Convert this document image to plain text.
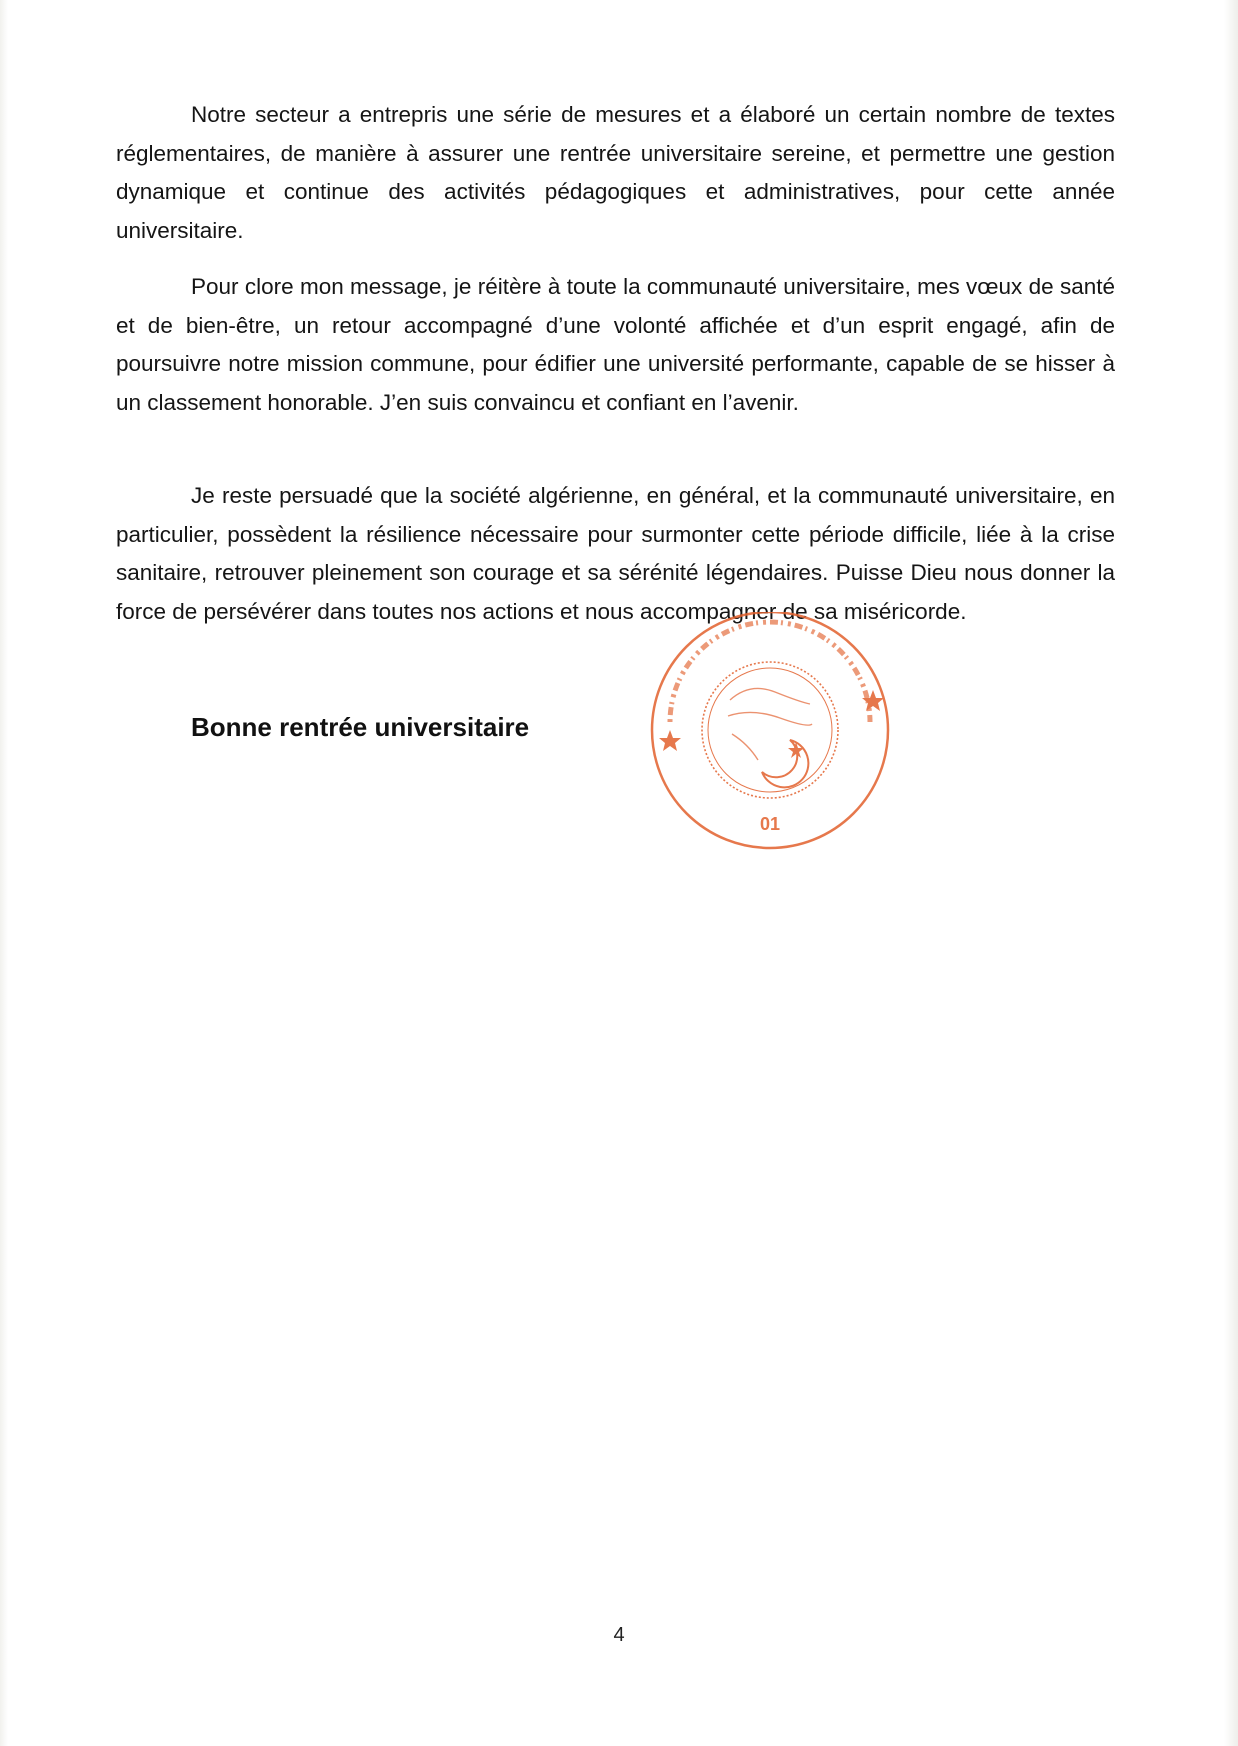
Notre secteur a entrepris une série de mesures et a élaboré un certain nombre de textes réglementaires, de manière à assurer une rentrée universitaire sereine, et permettre une gestion dynamique et continue des activités pédagogiques et administratives, pour cette année universitaire.

Pour clore mon message, je réitère à toute la communauté universitaire, mes vœux de santé et de bien-être, un retour accompagné d’une volonté affichée et d’un esprit engagé, afin de poursuivre notre mission commune, pour édifier une université performante, capable de se hisser à un classement honorable. J’en suis convaincu et confiant en l’avenir.

Je reste persuadé que la société algérienne, en général, et la communauté universitaire, en particulier, possèdent la résilience nécessaire pour surmonter cette période difficile, liée à la crise sanitaire, retrouver pleinement son courage et sa sérénité légendaires. Puisse Dieu nous donner la force de persévérer dans toutes nos actions et nous accompagner de sa miséricorde.

Bonne rentrée universitaire

01
4
